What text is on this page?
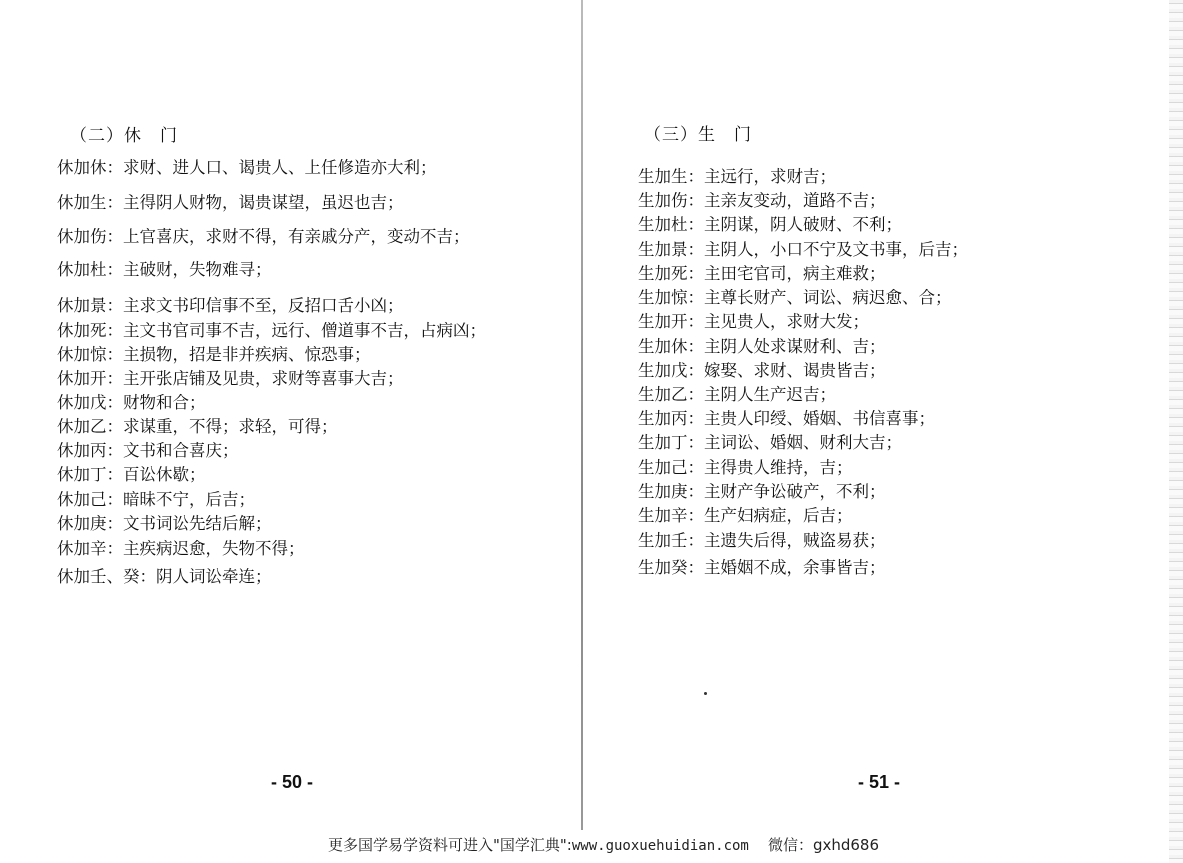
（二）休　门
休加休：求财、进人口、谒贵人、上任修造亦大利；
休加生：主得阴人财物，谒贵谋望，虽迟也吉；
休加伤：上官喜庆，求财不得，有亲戚分产，变动不吉；
休加杜：主破财，失物难寻；
休加景：主求文书印信事不至，反招口舌小凶；
休加死：主文书官司事不吉，远行、僧道事不吉，占病凶；
休加惊：主损物，招是非并疾病、惊恐事；
休加开：主开张店铺及见贵，求财等喜事大吉；
休加戊：财物和合；
休加乙：求谋重，不得；求轻，可得；
休加丙：文书和合喜庆；
休加丁：百讼休歇；
休加己：暗昧不宁，后吉；
休加庚：文书词讼先结后解；
休加辛：主疾病迟愈，失物不得；
休加壬、癸：阴人词讼牵连；
- 50 -
（三）生　门
生加生：主远行，求财吉；
生加伤：主亲友变动，道路不吉；
生加杜：主阴谋，阴人破财、不利；
生加景：主阴人，小口不宁及文书事，后吉；
生加死：主田宅官司，病主难救；
生加惊：主尊长财产、词讼、病迟愈、合；
生加开：主见贵人，求财大发；
生加休：主阴人处求谋财利、吉；
生加戊：嫁娶、求财、谒贵皆吉；
生加乙：主阴人生产迟吉；
生加丙：主贵人印绶、婚姻、书信喜事；
生加丁：主词讼、婚姻、财利大吉；
生加己：主得贵人维持，吉；
生加庚：主财产争讼破产，不利；
生加辛：生产妇病症，后吉；
生加壬：主遗失后得，贼盗易获；
生加癸：主婚姻不成，余事皆吉；
- 51 -
更多国学易学资料可进入"国学汇典":www.guoxuehuidian.com 微信：gxhd686
